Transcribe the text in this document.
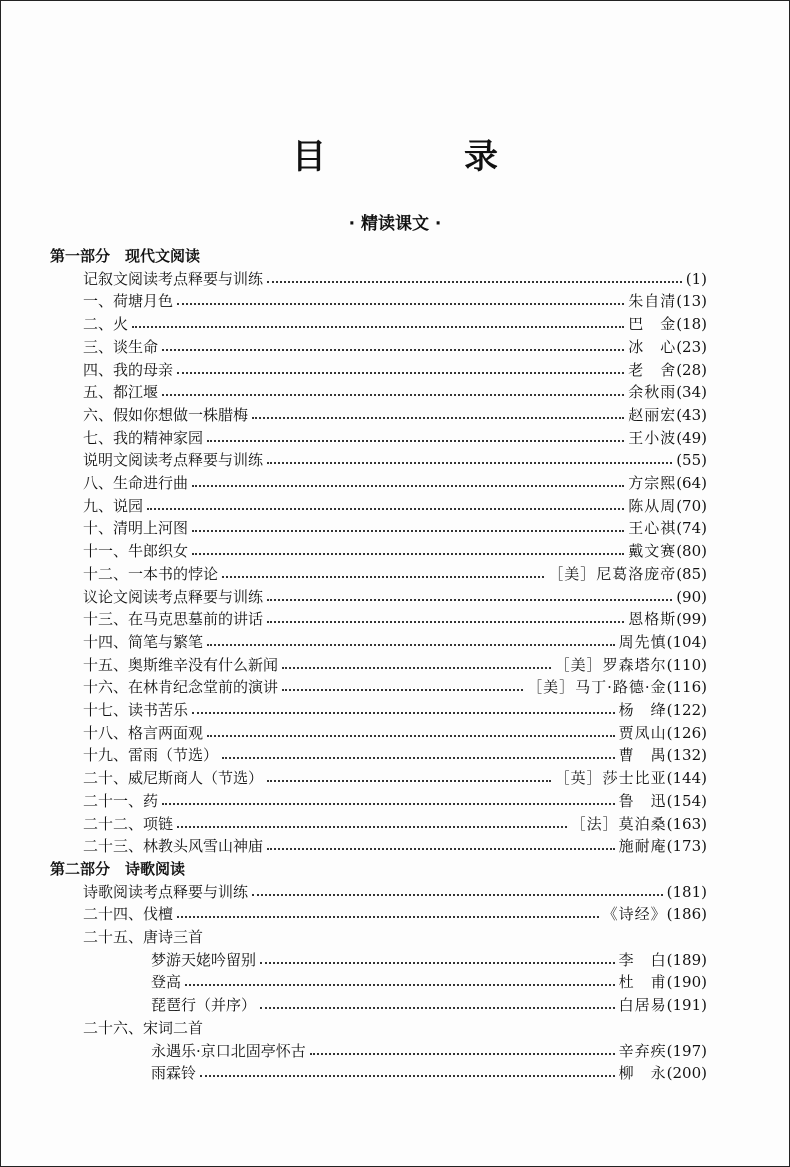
目　录
· 精读课文 ·
第一部分　现代文阅读
记叙文阅读考点释要与训练	(1)
一、荷塘月色	朱自清 (13)
二、火	巴　金 (18)
三、谈生命	冰　心 (23)
四、我的母亲	老　舍 (28)
五、都江堰	余秋雨 (34)
六、假如你想做一株腊梅	赵丽宏 (43)
七、我的精神家园	王小波 (49)
说明文阅读考点释要与训练	(55)
八、生命进行曲	方宗熙 (64)
九、说园	陈从周 (70)
十、清明上河图	王心祺 (74)
十一、牛郎织女	戴文赛 (80)
十二、一本书的悖论	［美］尼葛洛庞帝 (85)
议论文阅读考点释要与训练	(90)
十三、在马克思墓前的讲话	恩格斯 (99)
十四、简笔与繁笔	周先慎 (104)
十五、奥斯维辛没有什么新闻	［美］罗森塔尔 (110)
十六、在林肯纪念堂前的演讲	［美］马丁·路德·金 (116)
十七、读书苦乐	杨　绛 (122)
十八、格言两面观	贾凤山 (126)
十九、雷雨（节选）	曹　禺 (132)
二十、威尼斯商人（节选）	［英］莎士比亚 (144)
二十一、药	鲁　迅 (154)
二十二、项链	［法］莫泊桑 (163)
二十三、林教头风雪山神庙	施耐庵 (173)
第二部分　诗歌阅读
诗歌阅读考点释要与训练	(181)
二十四、伐檀	《诗经》 (186)
二十五、唐诗三首
梦游天姥吟留别	李　白 (189)
登高	杜　甫 (190)
琵琶行（并序）	白居易 (191)
二十六、宋词二首
永遇乐·京口北固亭怀古	辛弃疾 (197)
雨霖铃	柳　永 (200)
